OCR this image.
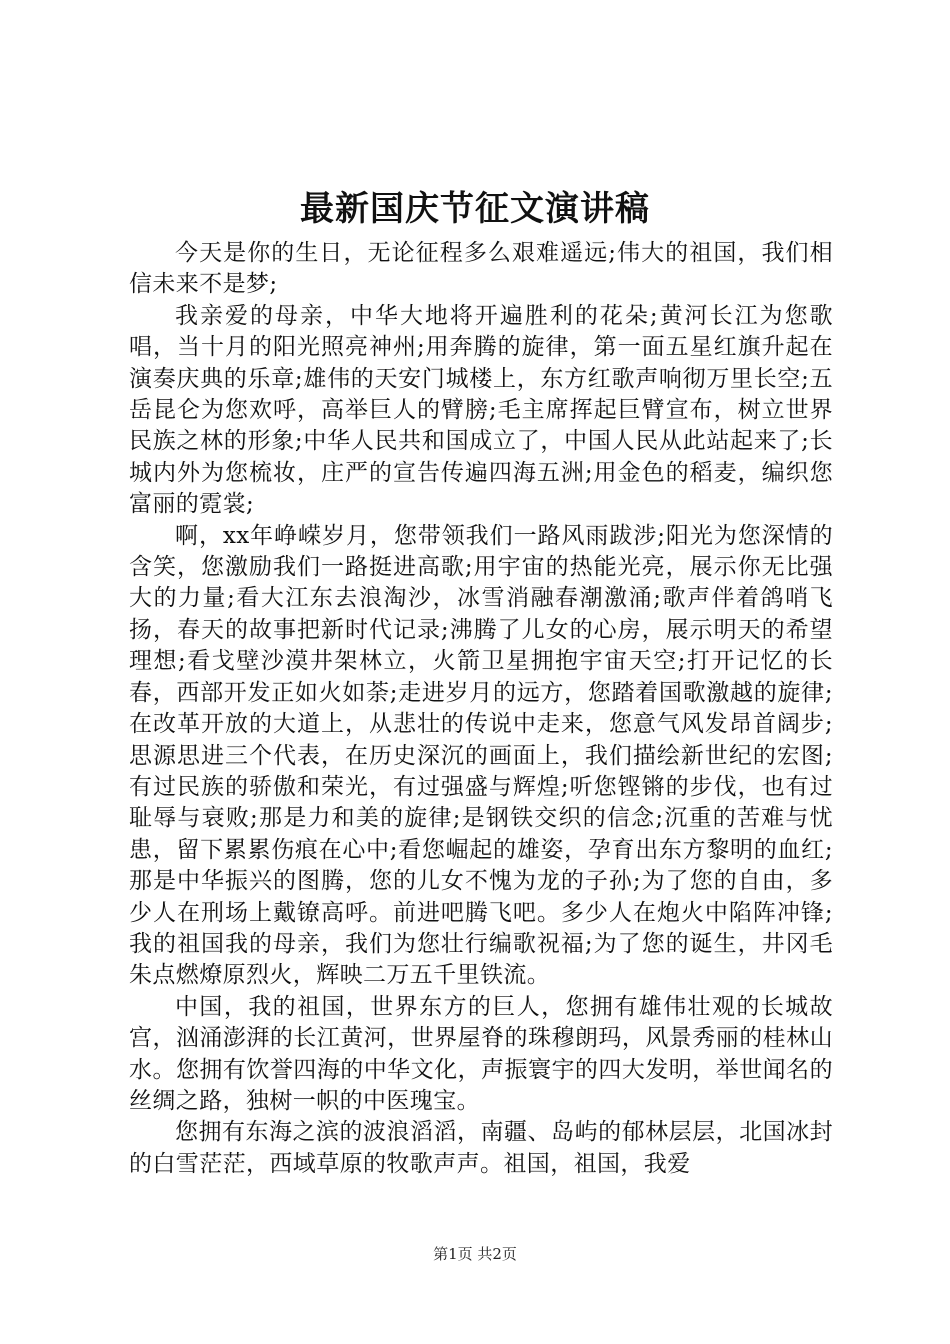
最新国庆节征文演讲稿

今天是你的生日，无论征程多么艰难遥远;伟大的祖国，我们相信未来不是梦;

我亲爱的母亲，中华大地将开遍胜利的花朵;黄河长江为您歌唱，当十月的阳光照亮神州;用奔腾的旋律，第一面五星红旗升起在演奏庆典的乐章;雄伟的天安门城楼上，东方红歌声响彻万里长空;五岳昆仑为您欢呼，高举巨人的臂膀;毛主席挥起巨臂宣布，树立世界民族之林的形象;中华人民共和国成立了，中国人民从此站起来了;长城内外为您梳妆，庄严的宣告传遍四海五洲;用金色的稻麦，编织您富丽的霓裳;

啊，xx年峥嵘岁月，您带领我们一路风雨跋涉;阳光为您深情的含笑，您激励我们一路挺进高歌;用宇宙的热能光亮，展示你无比强大的力量;看大江东去浪淘沙，冰雪消融春潮激涌;歌声伴着鸽哨飞扬，春天的故事把新时代记录;沸腾了儿女的心房，展示明天的希望理想;看戈壁沙漠井架林立，火箭卫星拥抱宇宙天空;打开记忆的长春，西部开发正如火如荼;走进岁月的远方，您踏着国歌激越的旋律;在改革开放的大道上，从悲壮的传说中走来，您意气风发昂首阔步;思源思进三个代表，在历史深沉的画面上，我们描绘新世纪的宏图;有过民族的骄傲和荣光，有过强盛与辉煌;听您铿锵的步伐，也有过耻辱与衰败;那是力和美的旋律;是钢铁交织的信念;沉重的苦难与忧患，留下累累伤痕在心中;看您崛起的雄姿，孕育出东方黎明的血红;那是中华振兴的图腾，您的儿女不愧为龙的子孙;为了您的自由，多少人在刑场上戴镣高呼。前进吧腾飞吧。多少人在炮火中陷阵冲锋;我的祖国我的母亲，我们为您壮行编歌祝福;为了您的诞生，井冈毛朱点燃燎原烈火，辉映二万五千里铁流。

中国，我的祖国，世界东方的巨人，您拥有雄伟壮观的长城故宫，汹涌澎湃的长江黄河，世界屋脊的珠穆朗玛，风景秀丽的桂林山水。您拥有饮誉四海的中华文化，声振寰宇的四大发明，举世闻名的丝绸之路，独树一帜的中医瑰宝。

您拥有东海之滨的波浪滔滔，南疆、岛屿的郁林层层，北国冰封的白雪茫茫，西域草原的牧歌声声。祖国，祖国，我爱

第1页 共2页
